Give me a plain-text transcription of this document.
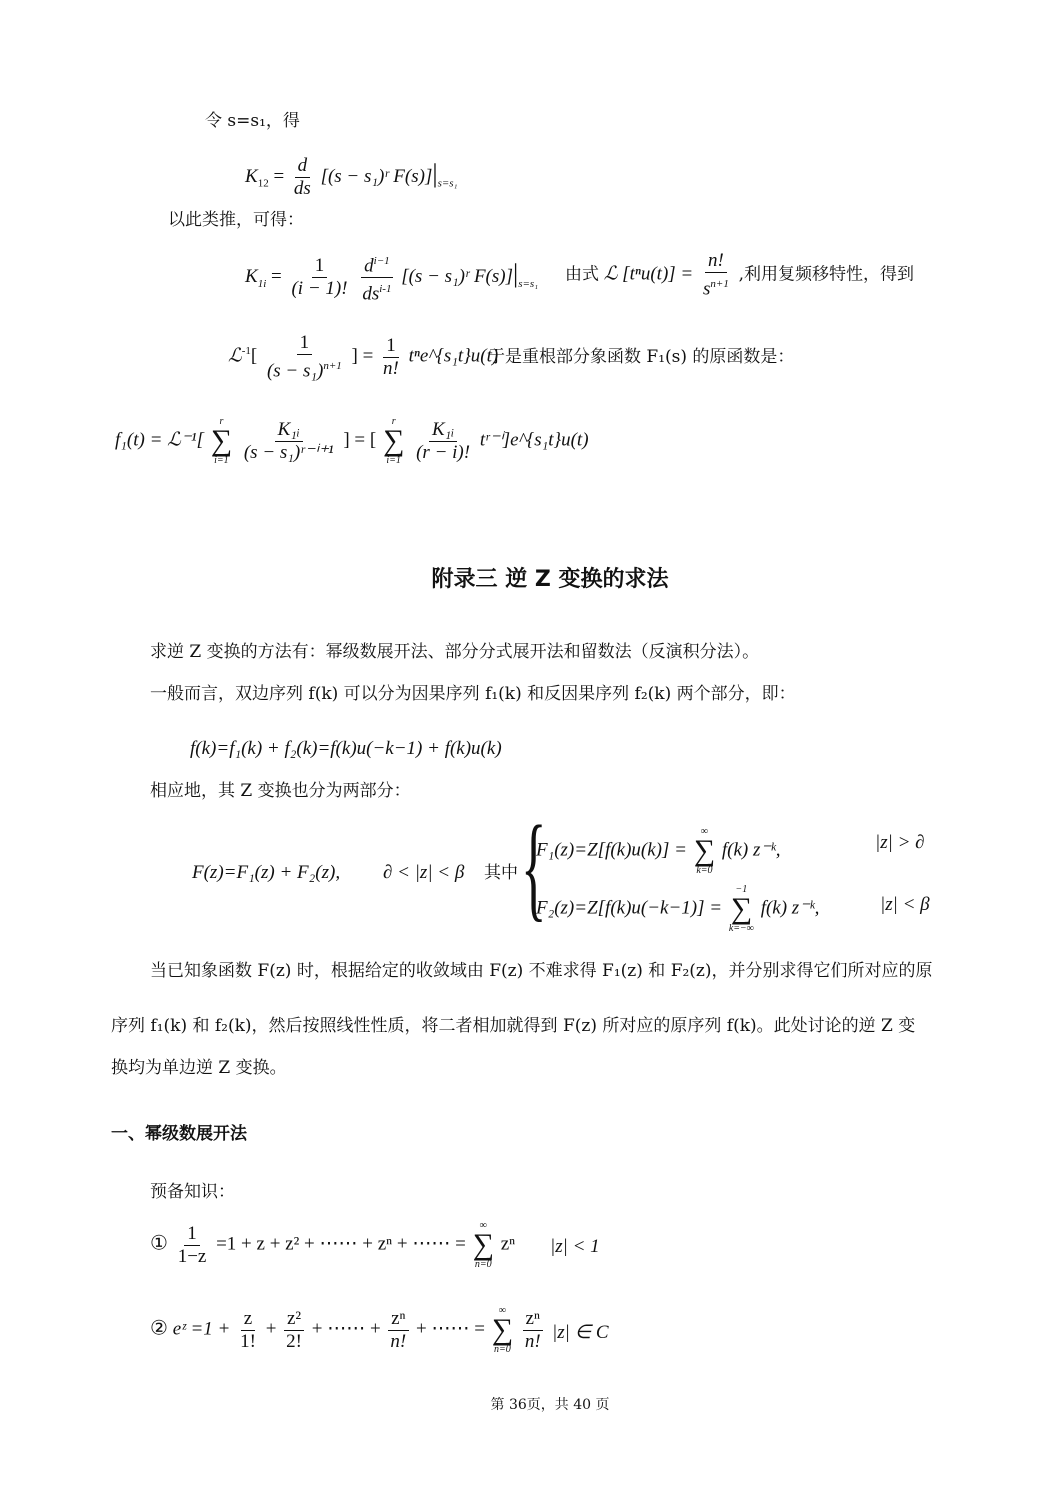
令 s=s₁，得
$K_{12} = \frac{d}{ds} [(s$ − s₁)ʳ $F(s)]|_{s=s_1}$
以此类推，可得：
$K_{1i} = \frac{1}{(i - 1)!}$
$\frac{d^{i-1}}{ds^{i-1}} [(s$ − s₁)ʳ $F(s)]|_{s=s_1}$ 由式 ℒ $[t^nu(t)] = \frac{n!}{s^{n+1}}$ ,利用复频移特性，得到
ℒ$^{-1}$[ $\frac{1}{(s - s_1)^{n+1}}$ ] = $\frac{1}{n!}$ tⁿe^{s₁t}u(t)
于是重根部分象函数 F₁(s) 的原函数是：
f₁(t) = ℒ⁻¹[
r
∑
i=1
$\frac{\text{K₁ᵢ}}{\text{(s − s₁)ʳ⁻ⁱ⁺¹}}$ ] = [
r
∑
i=1
$\frac{\text{K₁ᵢ}}{(r - i)!}$ tʳ⁻ⁱ]e^{s₁t}u(t)
附录三 逆 Z 变换的求法
求逆 Z 变换的方法有：幂级数展开法、部分分式展开法和留数法（反演积分法）。
一般而言，双边序列 f(k) 可以分为因果序列 f₁(k) 和反因果序列 f₂(k) 两个部分，即：
f(k)=f₁(k) + f₂(k)=f(k)u(−k−1) + f(k)u(k)
相应地，其 Z 变换也分为两部分：
F(z)=F₁(z) + F₂(z), ∂ < |z| < β 其中 {
F₁(z)=Z[f(k)u(k)] =
∞
∑
k=0
f(k) z⁻ᵏ,	|z| > ∂
F₂(z)=Z[f(k)u(−k−1)] =
−1
∑
k=−∞
f(k) z⁻ᵏ,	|z| < β
当已知象函数 F(z) 时，根据给定的收敛域由 F(z) 不难求得 F₁(z) 和 F₂(z)，并分别求得它们所对应的原
序列 f₁(k) 和 f₂(k)，然后按照线性性质，将二者相加就得到 F(z) 所对应的原序列 f(k)。此处讨论的逆 Z 变
换均为单边逆 Z 变换。
一、幂级数展开法
预备知识：
① $\frac{1}{1-z} =1 + z + z^2$ + ⋯⋯ + zⁿ + ⋯⋯ =
∞
∑
n=0
zⁿ |z| < 1
② eᶻ $=1 + \frac{z}{1!} + \frac{\text{z²}}{2!}$ + ⋯⋯ + $\frac{\text{zⁿ}}{n!}$ + ⋯⋯ =
∞
∑
n=0
$\frac{\text{zⁿ}}{n!} |z|$ ∈ C
第 36页，共 40 页
